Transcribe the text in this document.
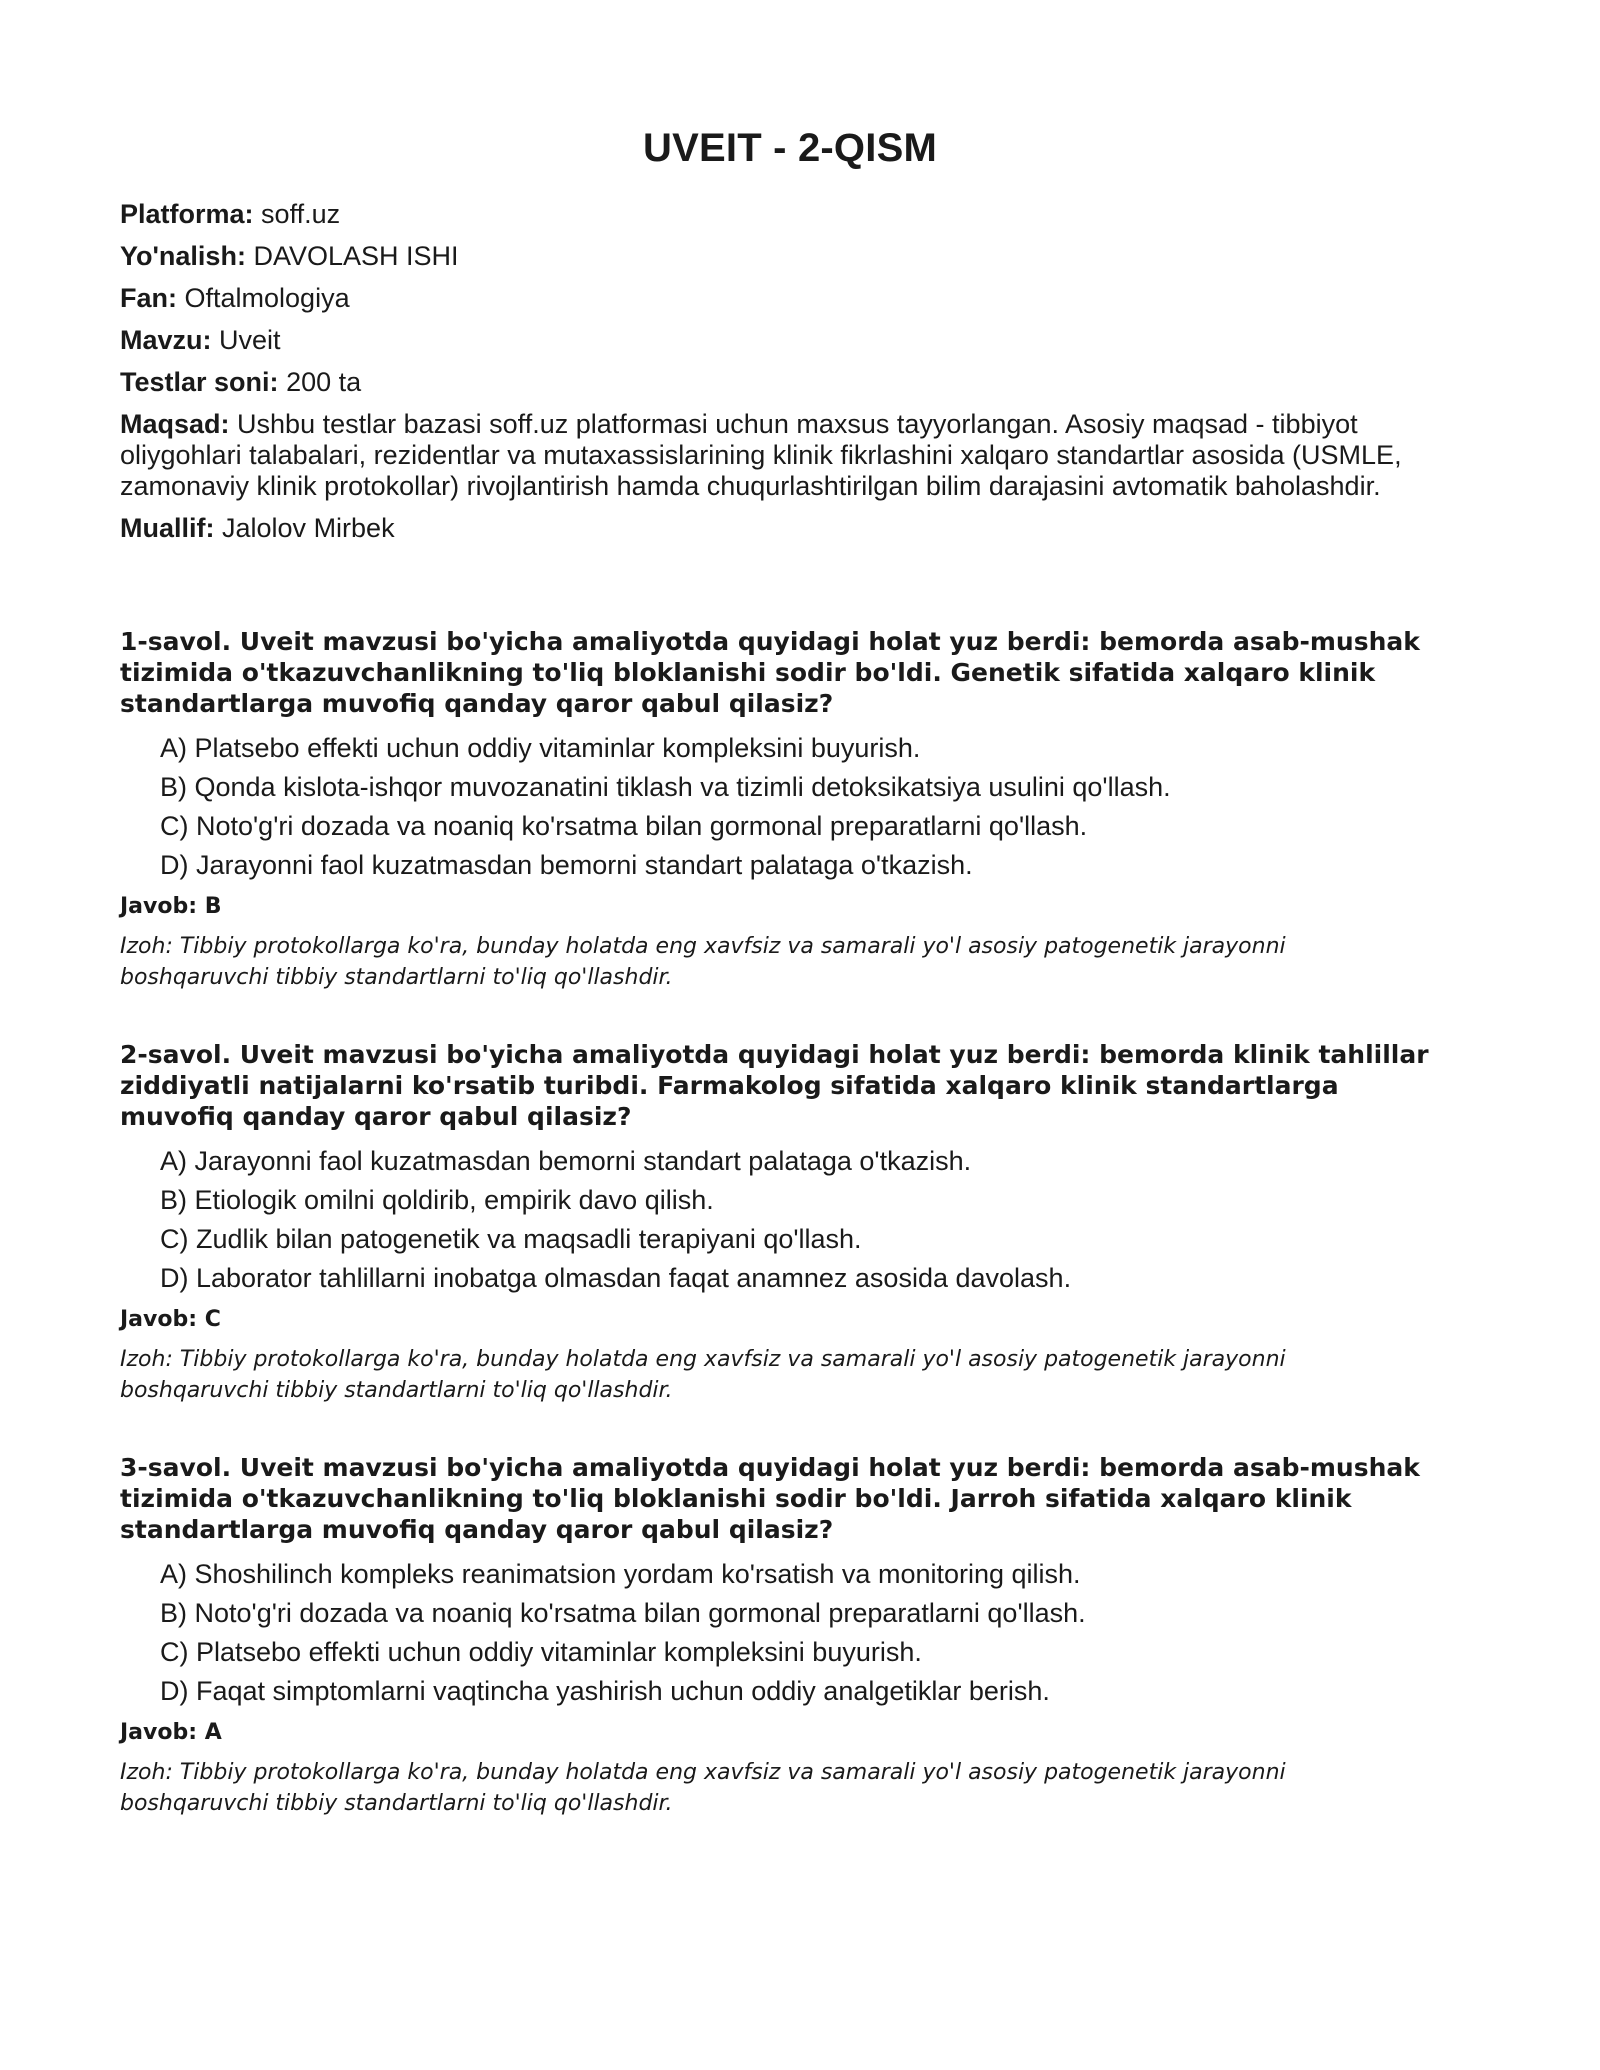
UVEIT - 2-QISM
Platforma: soff.uz
Yo'nalish: DAVOLASH ISHI
Fan: Oftalmologiya
Mavzu: Uveit
Testlar soni: 200 ta
Maqsad: Ushbu testlar bazasi soff.uz platformasi uchun maxsus tayyorlangan. Asosiy maqsad - tibbiyot oliygohlari talabalari, rezidentlar va mutaxassislarining klinik fikrlashini xalqaro standartlar asosida (USMLE, zamonaviy klinik protokollar) rivojlantirish hamda chuqurlashtirilgan bilim darajasini avtomatik baholashdir.
Muallif: Jalolov Mirbek
1-savol. Uveit mavzusi bo'yicha amaliyotda quyidagi holat yuz berdi: bemorda asab-mushak tizimida o'tkazuvchanlikning to'liq bloklanishi sodir bo'ldi. Genetik sifatida xalqaro klinik standartlarga muvofiq qanday qaror qabul qilasiz?
A) Platsebo effekti uchun oddiy vitaminlar kompleksini buyurish.
B) Qonda kislota-ishqor muvozanatini tiklash va tizimli detoksikatsiya usulini qo'llash.
C) Noto'g'ri dozada va noaniq ko'rsatma bilan gormonal preparatlarni qo'llash.
D) Jarayonni faol kuzatmasdan bemorni standart palataga o'tkazish.
Javob: B
Izoh: Tibbiy protokollarga ko'ra, bunday holatda eng xavfsiz va samarali yo'l asosiy patogenetik jarayonni boshqaruvchi tibbiy standartlarni to'liq qo'llashdir.
2-savol. Uveit mavzusi bo'yicha amaliyotda quyidagi holat yuz berdi: bemorda klinik tahlillar ziddiyatli natijalarni ko'rsatib turibdi. Farmakolog sifatida xalqaro klinik standartlarga muvofiq qanday qaror qabul qilasiz?
A) Jarayonni faol kuzatmasdan bemorni standart palataga o'tkazish.
B) Etiologik omilni qoldirib, empirik davo qilish.
C) Zudlik bilan patogenetik va maqsadli terapiyani qo'llash.
D) Laborator tahlillarni inobatga olmasdan faqat anamnez asosida davolash.
Javob: C
Izoh: Tibbiy protokollarga ko'ra, bunday holatda eng xavfsiz va samarali yo'l asosiy patogenetik jarayonni boshqaruvchi tibbiy standartlarni to'liq qo'llashdir.
3-savol. Uveit mavzusi bo'yicha amaliyotda quyidagi holat yuz berdi: bemorda asab-mushak tizimida o'tkazuvchanlikning to'liq bloklanishi sodir bo'ldi. Jarroh sifatida xalqaro klinik standartlarga muvofiq qanday qaror qabul qilasiz?
A) Shoshilinch kompleks reanimatsion yordam ko'rsatish va monitoring qilish.
B) Noto'g'ri dozada va noaniq ko'rsatma bilan gormonal preparatlarni qo'llash.
C) Platsebo effekti uchun oddiy vitaminlar kompleksini buyurish.
D) Faqat simptomlarni vaqtincha yashirish uchun oddiy analgetiklar berish.
Javob: A
Izoh: Tibbiy protokollarga ko'ra, bunday holatda eng xavfsiz va samarali yo'l asosiy patogenetik jarayonni boshqaruvchi tibbiy standartlarni to'liq qo'llashdir.
